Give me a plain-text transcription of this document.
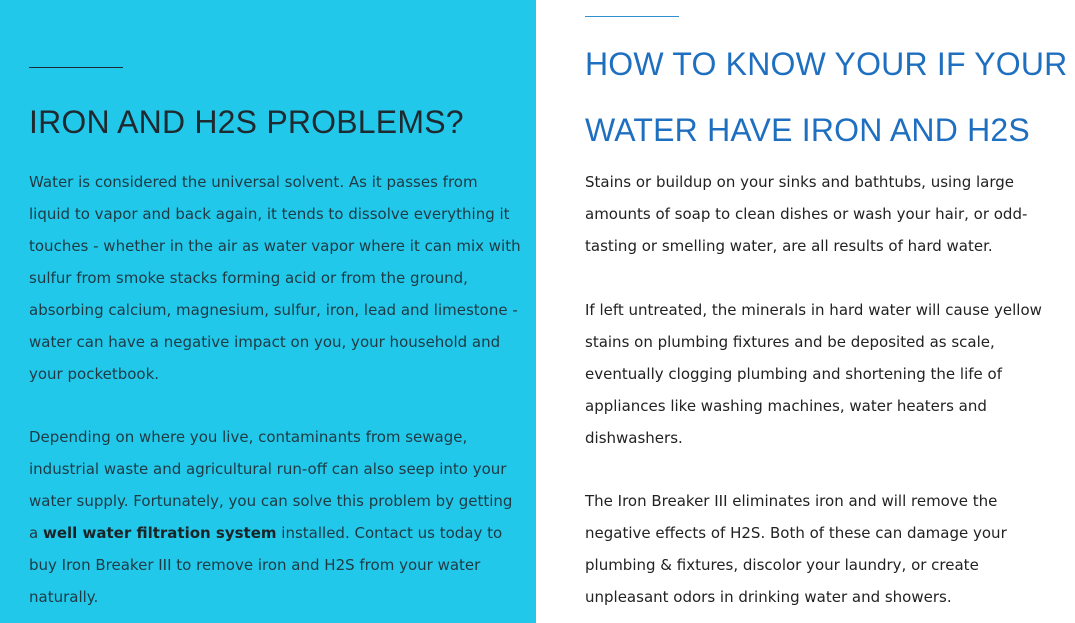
IRON AND H2S PROBLEMS?

Water is considered the universal solvent. As it passes from liquid to vapor and back again, it tends to dissolve everything it touches - whether in the air as water vapor where it can mix with sulfur from smoke stacks forming acid or from the ground, absorbing calcium, magnesium, sulfur, iron, lead and limestone - water can have a negative impact on you, your household and your pocketbook.

Depending on where you live, contaminants from sewage, industrial waste and agricultural run-off can also seep into your water supply. Fortunately, you can solve this problem by getting a well water filtration system installed. Contact us today to buy Iron Breaker III to remove iron and H2S from your water naturally.

HOW TO KNOW YOUR IF YOUR WATER HAVE IRON AND H2S

Stains or buildup on your sinks and bathtubs, using large amounts of soap to clean dishes or wash your hair, or odd-tasting or smelling water, are all results of hard water.

If left untreated, the minerals in hard water will cause yellow stains on plumbing fixtures and be deposited as scale, eventually clogging plumbing and shortening the life of appliances like washing machines, water heaters and dishwashers.

The Iron Breaker III eliminates iron and will remove the negative effects of H2S. Both of these can damage your plumbing & fixtures, discolor your laundry, or create unpleasant odors in drinking water and showers.
